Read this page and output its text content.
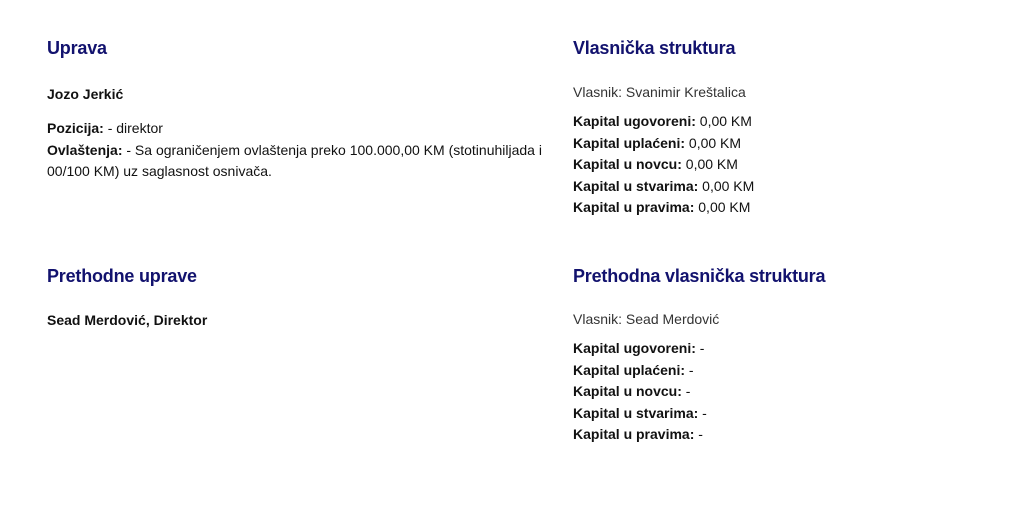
Uprava
Jozo Jerkić
Pozicija: - direktor
Ovlaštenja: - Sa ograničenjem ovlaštenja preko 100.000,00 KM (stotinuhiljada i 00/100 KM) uz saglasnost osnivača.
Vlasnička struktura
Vlasnik: Svanimir Kreštalica
Kapital ugovoreni: 0,00 KM
Kapital uplaćeni: 0,00 KM
Kapital u novcu: 0,00 KM
Kapital u stvarima: 0,00 KM
Kapital u pravima: 0,00 KM
Prethodne uprave
Sead Merdović, Direktor
Prethodna vlasnička struktura
Vlasnik: Sead Merdović
Kapital ugovoreni: -
Kapital uplaćeni: -
Kapital u novcu: -
Kapital u stvarima: -
Kapital u pravima: -
